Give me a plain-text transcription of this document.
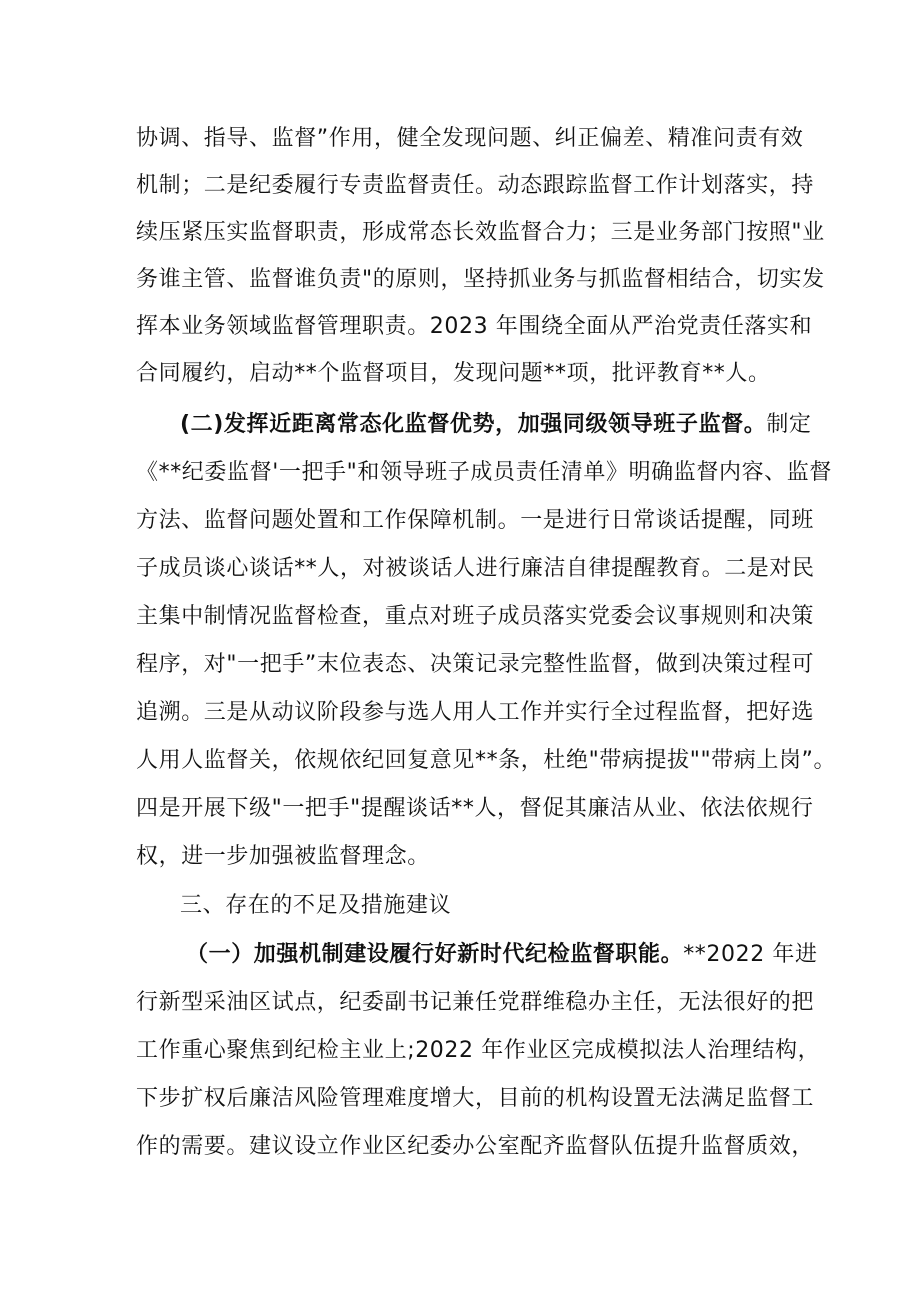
协调、指导、监督”作用，健全发现问题、纠正偏差、精准问责有效
机制；二是纪委履行专责监督责任。动态跟踪监督工作计划落实，持
续压紧压实监督职责，形成常态长效监督合力；三是业务部门按照"业
务谁主管、监督谁负责"的原则，坚持抓业务与抓监督相结合，切实发
挥本业务领域监督管理职责。2023 年围绕全面从严治党责任落实和
合同履约，启动**个监督项目，发现问题**项，批评教育**人。
(二)发挥近距离常态化监督优势，加强同级领导班子监督。制定
《**纪委监督'一把手"和领导班子成员责任清单》明确监督内容、监督
方法、监督问题处置和工作保障机制。一是进行日常谈话提醒，同班
子成员谈心谈话**人，对被谈话人进行廉洁自律提醒教育。二是对民
主集中制情况监督检查，重点对班子成员落实党委会议事规则和决策
程序，对"一把手”末位表态、决策记录完整性监督，做到决策过程可
追溯。三是从动议阶段参与选人用人工作并实行全过程监督，把好选
人用人监督关，依规依纪回复意见**条，杜绝"带病提拔""带病上岗”。
四是开展下级"一把手"提醒谈话**人，督促其廉洁从业、依法依规行
权，进一步加强被监督理念。
三、存在的不足及措施建议
（一）加强机制建设履行好新时代纪检监督职能。**2022 年进
行新型采油区试点，纪委副书记兼任党群维稳办主任，无法很好的把
工作重心聚焦到纪检主业上;2022 年作业区完成模拟法人治理结构，
下步扩权后廉洁风险管理难度增大，目前的机构设置无法满足监督工
作的需要。建议设立作业区纪委办公室配齐监督队伍提升监督质效，
